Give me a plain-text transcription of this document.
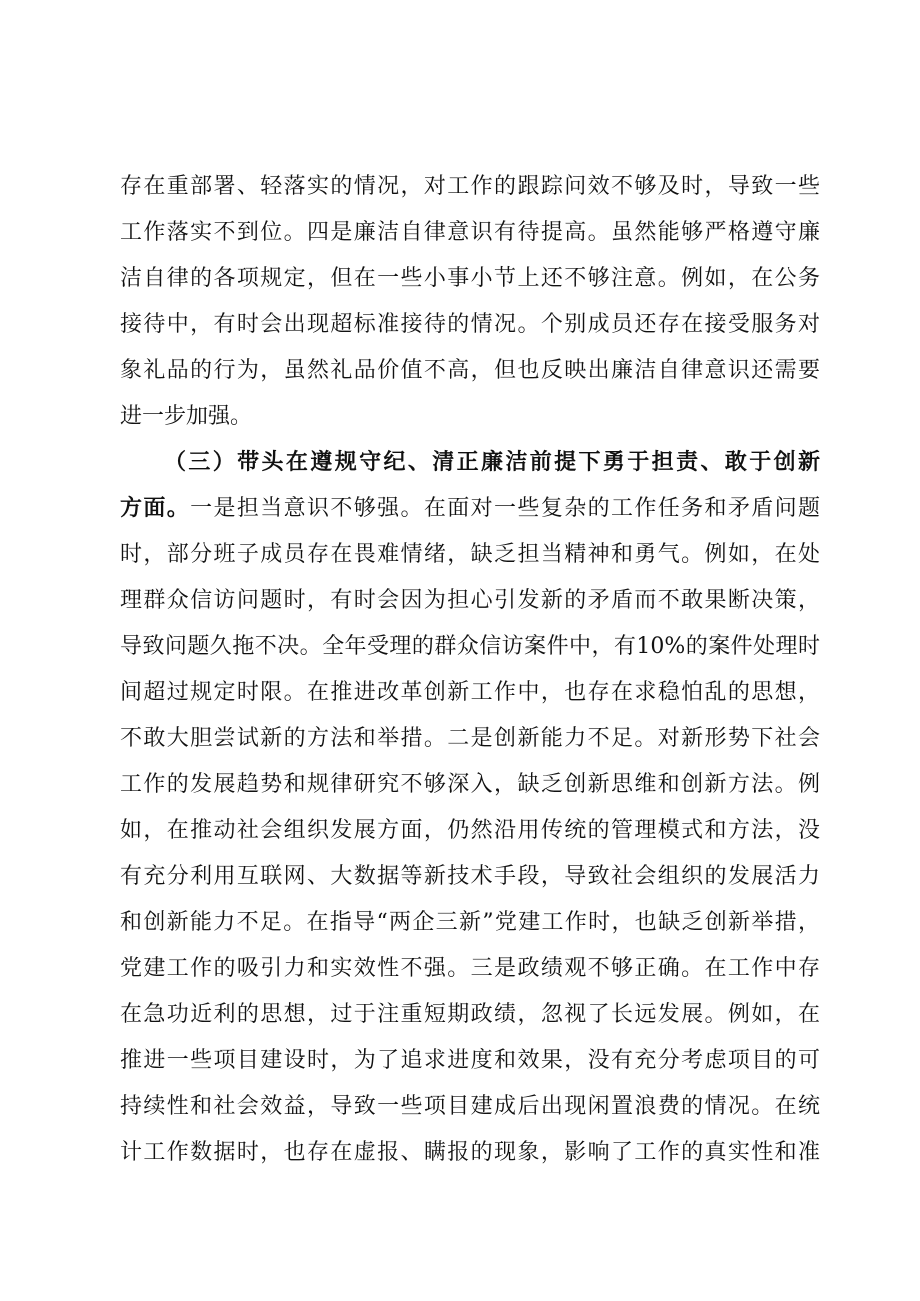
存在重部署、轻落实的情况，对工作的跟踪问效不够及时，导致一些
工作落实不到位。四是廉洁自律意识有待提高。虽然能够严格遵守廉
洁自律的各项规定，但在一些小事小节上还不够注意。例如，在公务
接待中，有时会出现超标准接待的情况。个别成员还存在接受服务对
象礼品的行为，虽然礼品价值不高，但也反映出廉洁自律意识还需要
进一步加强。
（三）带头在遵规守纪、清正廉洁前提下勇于担责、敢于创新
方面。一是担当意识不够强。在面对一些复杂的工作任务和矛盾问题
时，部分班子成员存在畏难情绪，缺乏担当精神和勇气。例如，在处
理群众信访问题时，有时会因为担心引发新的矛盾而不敢果断决策，
导致问题久拖不决。全年受理的群众信访案件中，有10%的案件处理时
间超过规定时限。在推进改革创新工作中，也存在求稳怕乱的思想，
不敢大胆尝试新的方法和举措。二是创新能力不足。对新形势下社会
工作的发展趋势和规律研究不够深入，缺乏创新思维和创新方法。例
如，在推动社会组织发展方面，仍然沿用传统的管理模式和方法，没
有充分利用互联网、大数据等新技术手段，导致社会组织的发展活力
和创新能力不足。在指导“两企三新”党建工作时，也缺乏创新举措，
党建工作的吸引力和实效性不强。三是政绩观不够正确。在工作中存
在急功近利的思想，过于注重短期政绩，忽视了长远发展。例如，在
推进一些项目建设时，为了追求进度和效果，没有充分考虑项目的可
持续性和社会效益，导致一些项目建成后出现闲置浪费的情况。在统
计工作数据时，也存在虚报、瞒报的现象，影响了工作的真实性和准
